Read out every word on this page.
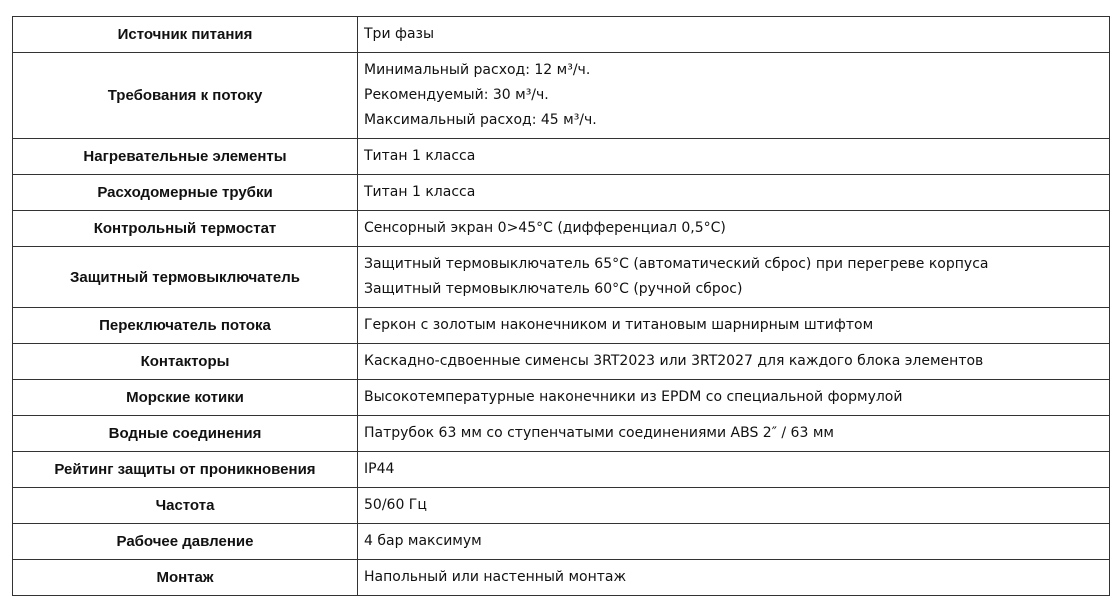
Источник питания	Три фазы

Требования к потоку	Минимальный расход: 12 м³/ч.
Рекомендуемый: 30 м³/ч.
Максимальный расход: 45 м³/ч.

Нагревательные элементы	Титан 1 класса

Расходомерные трубки	Титан 1 класса

Контрольный термостат	Сенсорный экран 0>45°C (дифференциал 0,5°C)

Защитный термовыключатель	Защитный термовыключатель 65°C (автоматический сброс) при перегреве корпуса
Защитный термовыключатель 60°C (ручной сброс)

Переключатель потока	Геркон с золотым наконечником и титановым шарнирным штифтом

Контакторы	Каскадно-сдвоенные сименсы 3RT2023 или 3RT2027 для каждого блока элементов

Морские котики	Высокотемпературные наконечники из EPDM со специальной формулой

Водные соединения	Патрубок 63 мм со ступенчатыми соединениями ABS 2″ / 63 мм

Рейтинг защиты от проникновения	IP44

Частота	50/60 Гц

Рабочее давление	4 бар максимум

Монтаж	Напольный или настенный монтаж
